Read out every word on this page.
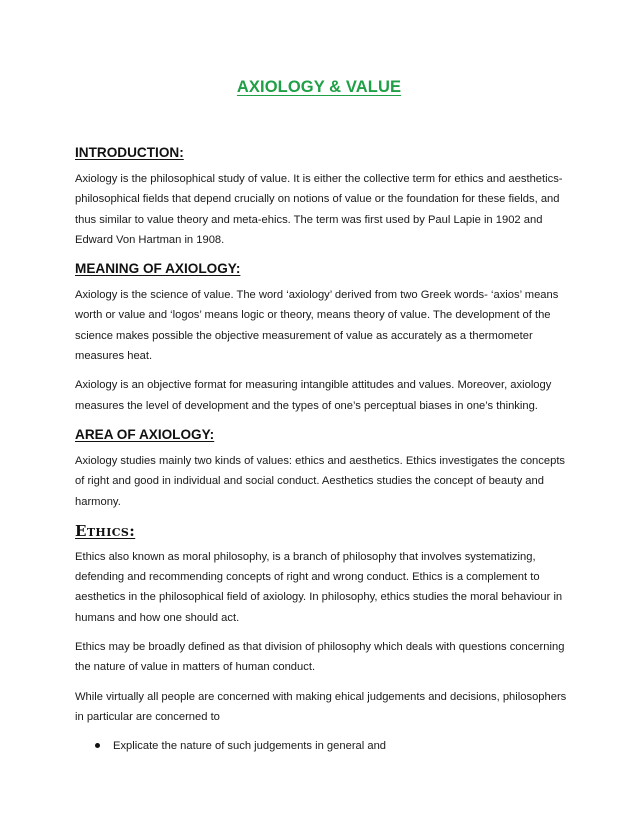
AXIOLOGY & VALUE
INTRODUCTION:

Axiology is the philosophical study of value. It is either the collective term for ethics and aesthetics- philosophical fields that depend crucially on notions of value or the foundation for these fields, and thus similar to value theory and meta-ehics. The term was first used by Paul Lapie in 1902 and Edward Von Hartman in 1908.

MEANING OF AXIOLOGY:

Axiology is the science of value. The word ‘axiology’ derived from two Greek words- ‘axios’ means worth or value and ‘logos’ means logic or theory, means theory of value. The development of the science makes possible the objective measurement of value as accurately as a thermometer measures heat.

Axiology is an objective format for measuring intangible attitudes and values. Moreover, axiology measures the level of development and the types of one’s perceptual biases in one’s thinking.

AREA OF AXIOLOGY:

Axiology studies mainly two kinds of values: ethics and aesthetics. Ethics investigates the concepts of right and good in individual and social conduct. Aesthetics studies the concept of beauty and harmony.

Ethics:

Ethics also known as moral philosophy, is a branch of philosophy that involves systematizing, defending and recommending concepts of right and wrong conduct. Ethics is a complement to aesthetics in the philosophical field of axiology. In philosophy, ethics studies the moral behaviour in humans and how one should act.

Ethics may be broadly defined as that division of philosophy which deals with questions concerning the nature of value in matters of human conduct.

While virtually all people are concerned with making ehical judgements and decisions, philosophers in particular are concerned to

Explicate the nature of such judgements in general and
